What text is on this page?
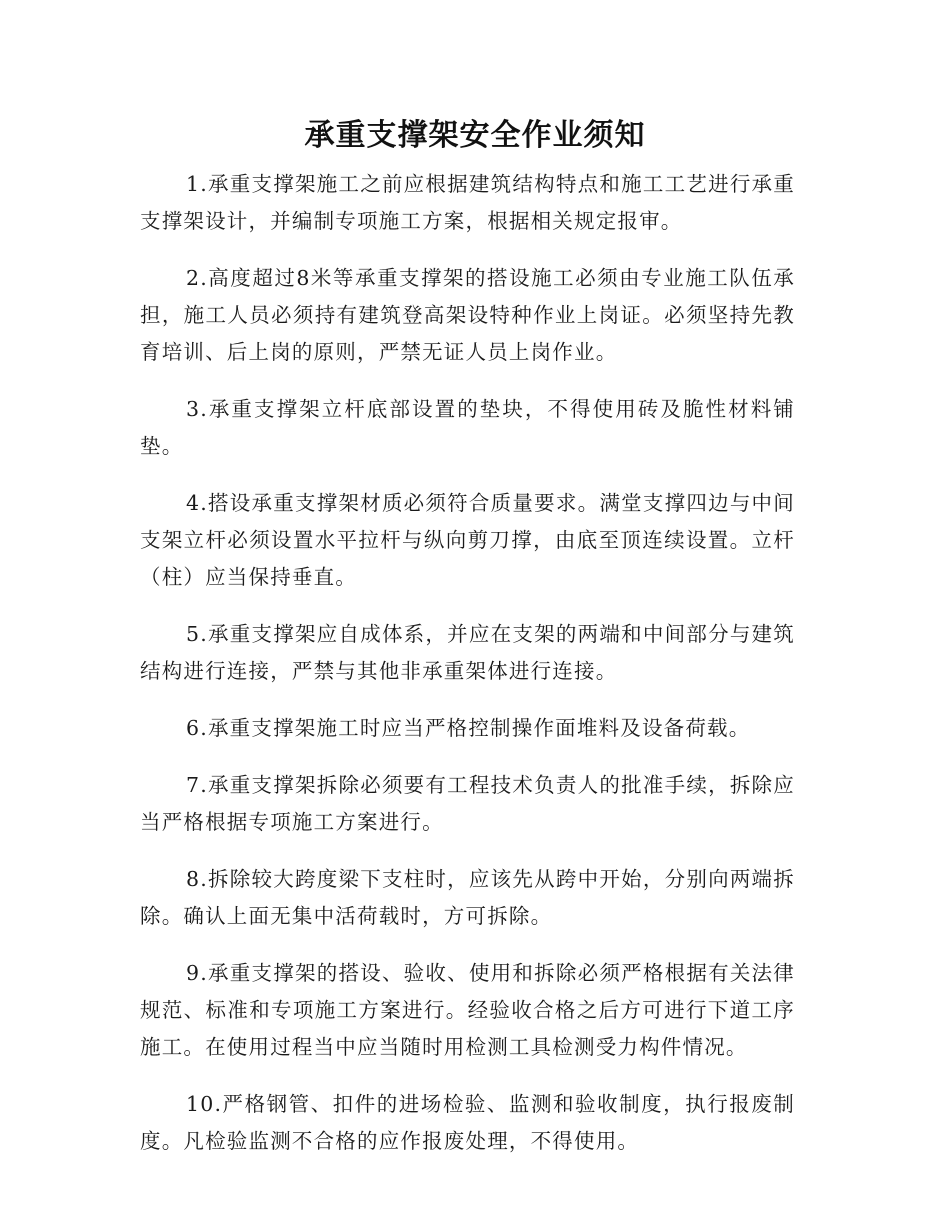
承重支撑架安全作业须知

1.承重支撑架施工之前应根据建筑结构特点和施工工艺进行承重支撑架设计，并编制专项施工方案，根据相关规定报审。

2.高度超过8米等承重支撑架的搭设施工必须由专业施工队伍承担，施工人员必须持有建筑登高架设特种作业上岗证。必须坚持先教育培训、后上岗的原则，严禁无证人员上岗作业。

3.承重支撑架立杆底部设置的垫块，不得使用砖及脆性材料铺垫。

4.搭设承重支撑架材质必须符合质量要求。满堂支撑四边与中间支架立杆必须设置水平拉杆与纵向剪刀撑，由底至顶连续设置。立杆（柱）应当保持垂直。

5.承重支撑架应自成体系，并应在支架的两端和中间部分与建筑结构进行连接，严禁与其他非承重架体进行连接。

6.承重支撑架施工时应当严格控制操作面堆料及设备荷载。

7.承重支撑架拆除必须要有工程技术负责人的批准手续，拆除应当严格根据专项施工方案进行。

8.拆除较大跨度梁下支柱时，应该先从跨中开始，分别向两端拆除。确认上面无集中活荷载时，方可拆除。

9.承重支撑架的搭设、验收、使用和拆除必须严格根据有关法律规范、标准和专项施工方案进行。经验收合格之后方可进行下道工序施工。在使用过程当中应当随时用检测工具检测受力构件情况。

10.严格钢管、扣件的进场检验、监测和验收制度，执行报废制度。凡检验监测不合格的应作报废处理，不得使用。
